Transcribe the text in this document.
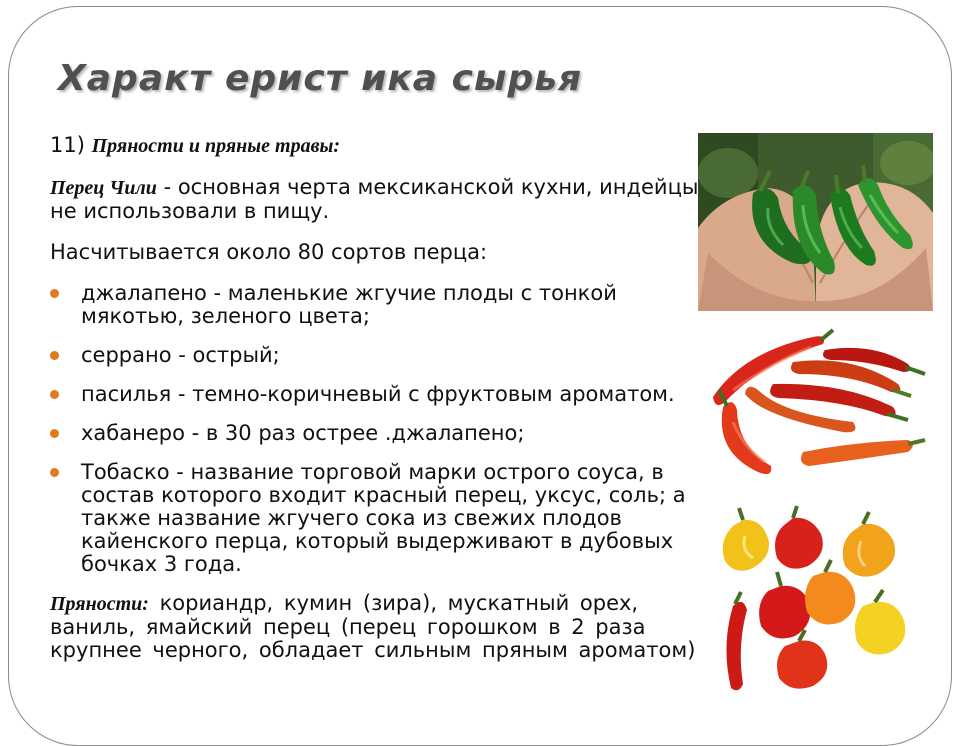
Характ ерист ика сырья

11) Пряности и пряные травы:

Перец Чили - основная черта мексиканской кухни, индейцы не использовали в пищу.

Насчитывается около 80 сортов перца:

джалапено - маленькие жгучие плоды с тонкой мякотью, зеленого цвета;
серрано - острый;
пасилья - темно-коричневый с фруктовым ароматом.
хабанеро - в 30 раз острее .джалапено;
Тобаско - название торговой марки острого соуса, в состав которого входит красный перец, уксус, соль; а также название жгучего сока из свежих плодов кайенского перца, который выдерживают в дубовых бочках 3 года.

Пряности: кориандр, кумин (зира), мускатный орех, ваниль, ямайский перец (перец горошком в 2 раза крупнее черного, обладает сильным пряным ароматом)
